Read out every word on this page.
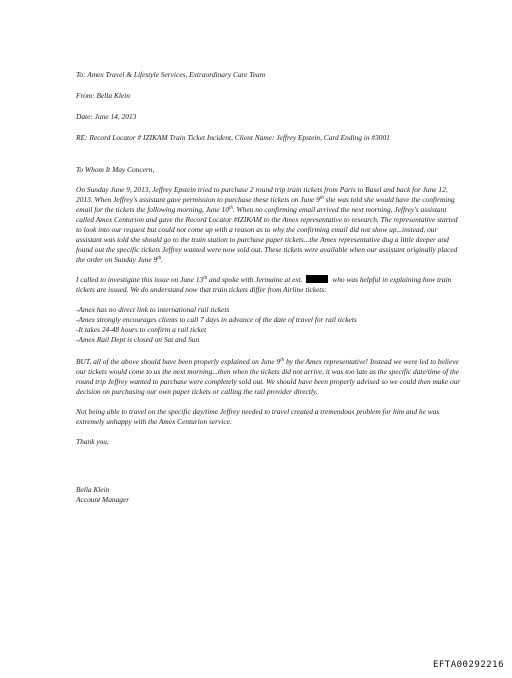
To: Amex Travel & Lifestyle Services, Extraordinary Care Team

From: Bella Klein

Date: June 14, 2013

RE: Record Locator # IZIKAM Train Ticket Incident, Client Name: Jeffrey Epstein, Card Ending in #3001

To Whom It May Concern,

On Sunday June 9, 2013, Jeffrey Epstein tried to purchase 2 round trip train tickets from Paris to Basel and back for June 12, 2013. When Jeffrey's assistant gave permission to purchase these tickets on June 9th she was told she would have the confirming email for the tickets the following morning, June 10th. When no confirming email arrived the next morning, Jeffrey's assistant called Amex Centurion and gave the Record Locator #IZIKAM to the Amex representative to research. The representative started to look into our request but could not come up with a reason as to why the confirming email did not show up...instead, our assistant was told she should go to the train station to purchase paper tickets...the Amex representative dug a little deeper and found out the specific tickets Jeffrey wanted were now sold out. These tickets were available when our assistant originally placed the order on Sunday June 9th.

I called to investigate this issue on June 13th and spoke with Jermaine at ext.	who was helpful in explaining how train tickets are issued. We do understand now that train tickets differ from Airline tickets:

-Amex has no direct link to international rail tickets
-Amex strongly encourages clients to call 7 days in advance of the date of travel for rail tickets
-It takes 24-48 hours to confirm a rail ticket
-Amex Rail Dept is closed on Sat and Sun

BUT, all of the above should have been properly explained on June 9th by the Amex representative! Instead we were led to believe our tickets would come to us the next morning...then when the tickets did not arrive, it was too late as the specific date/time of the round trip Jeffrey wanted to purchase were completely sold out. We should have been properly advised so we could then make our decision on purchasing our own paper tickets or calling the rail provider directly.

Not being able to travel on the specific day/time Jeffrey needed to travel created a tremendous problem for him and he was extremely unhappy with the Amex Centurion service.

Thank you,

Bella Klein
Account Manager
EFTA00292216
